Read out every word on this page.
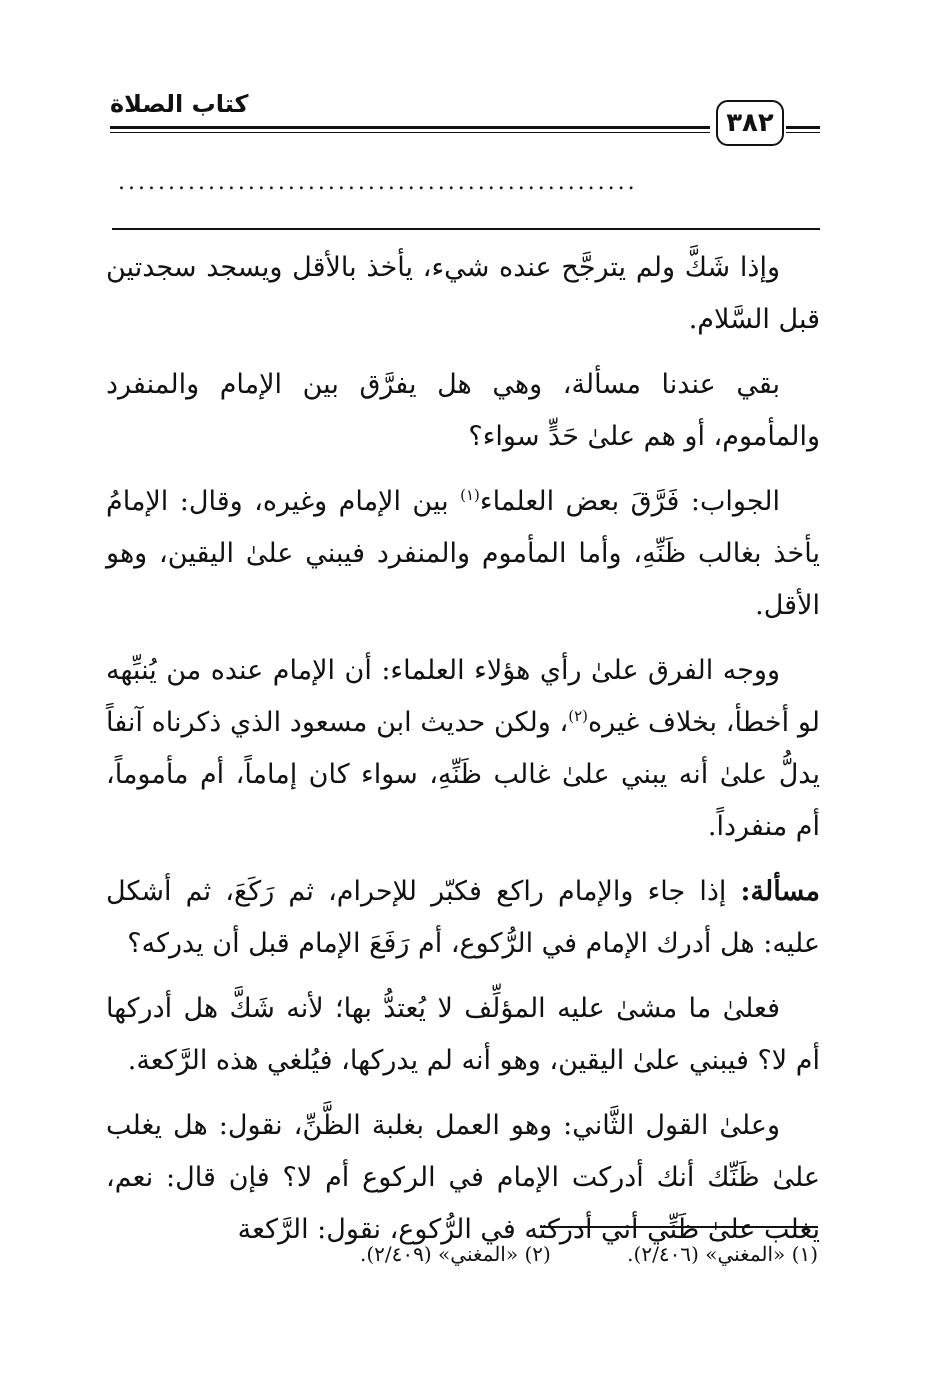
كتاب الصلاة
٣٨٢
....................................................

وإذا شَكَّ ولم يترجَّح عنده شيء، يأخذ بالأقل ويسجد سجدتين قبل السَّلام.

بقي عندنا مسألة، وهي هل يفرَّق بين الإمام والمنفرد والمأموم، أو هم علىٰ حَدٍّ سواء؟

الجواب: فَرَّقَ بعض العلماء$^{(١)}$ بين الإمام وغيره، وقال: الإمامُ يأخذ بغالب ظَنِّهِ، وأما المأموم والمنفرد فيبني علىٰ اليقين، وهو الأقل.

ووجه الفرق علىٰ رأي هؤلاء العلماء: أن الإمام عنده من يُنبِّهه لو أخطأ، بخلاف غيره$^{(٢)}$، ولكن حديث ابن مسعود الذي ذكرناه آنفاً يدلُّ علىٰ أنه يبني علىٰ غالب ظَنِّهِ، سواء كان إماماً، أم مأموماً، أم منفرداً.

مسألة: إذا جاء والإمام راكع فكبّر للإحرام، ثم رَكَعَ، ثم أشكل عليه: هل أدرك الإمام في الرُّكوع، أم رَفَعَ الإمام قبل أن يدركه؟

فعلىٰ ما مشىٰ عليه المؤلِّف لا يُعتدُّ بها؛ لأنه شَكَّ هل أدركها أم لا؟ فيبني علىٰ اليقين، وهو أنه لم يدركها، فيُلغي هذه الرَّكعة.

وعلىٰ القول الثَّاني: وهو العمل بغلبة الظَّنِّ، نقول: هل يغلب علىٰ ظَنِّك أنك أدركت الإمام في الركوع أم لا؟ فإن قال: نعم، يغلب علىٰ ظَنِّي أني أدركته في الرُّكوع، نقول: الرَّكعة

(١) «المغني» (٢/٤٠٦). (٢) «المغني» (٢/٤٠٩).
